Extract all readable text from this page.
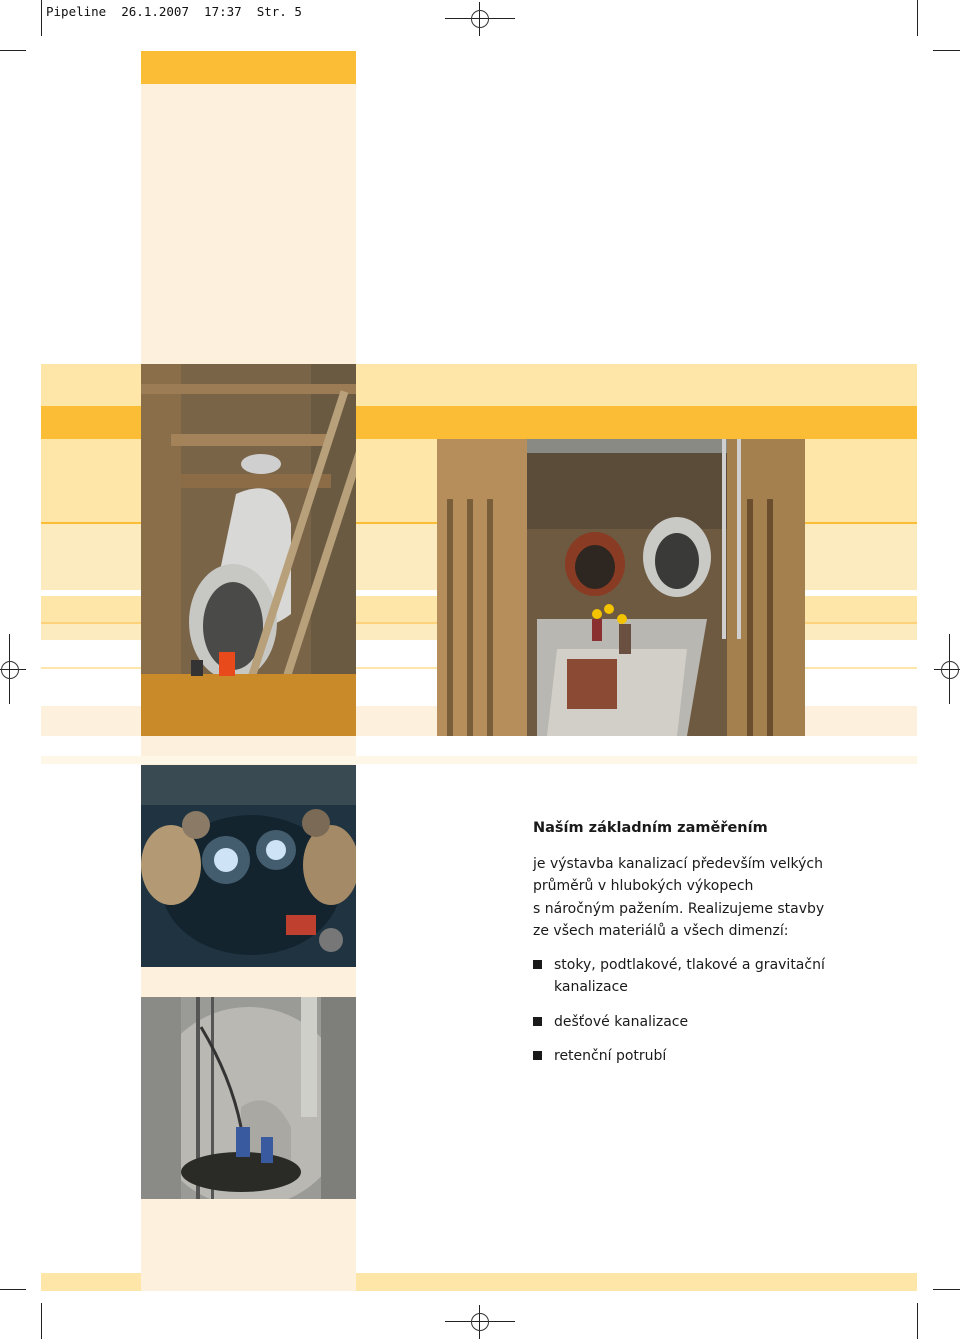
Pipeline  26.1.2007  17:37  Str. 5
Naším základním zaměřením
je výstavba kanalizací především velkých
průměrů v hlubokých výkopech
s náročným pažením. Realizujeme stavby
ze všech materiálů a všech dimenzí:
stoky, podtlakové, tlakové a gravitační
kanalizace
dešťové kanalizace
retenční potrubí
